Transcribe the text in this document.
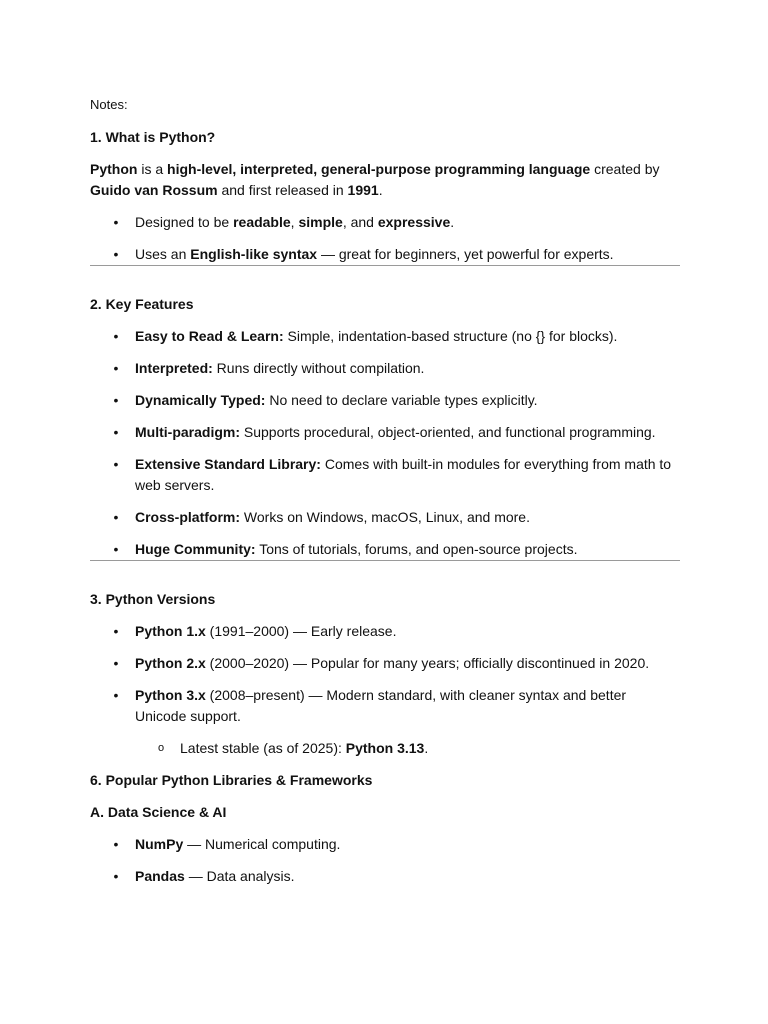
Notes:

1. What is Python?

Python is a high-level, interpreted, general-purpose programming language created by Guido van Rossum and first released in 1991.

• Designed to be readable, simple, and expressive.
• Uses an English-like syntax — great for beginners, yet powerful for experts.

2. Key Features

• Easy to Read & Learn: Simple, indentation-based structure (no {} for blocks).
• Interpreted: Runs directly without compilation.
• Dynamically Typed: No need to declare variable types explicitly.
• Multi-paradigm: Supports procedural, object-oriented, and functional programming.
• Extensive Standard Library: Comes with built-in modules for everything from math to web servers.
• Cross-platform: Works on Windows, macOS, Linux, and more.
• Huge Community: Tons of tutorials, forums, and open-source projects.

3. Python Versions

• Python 1.x (1991–2000) — Early release.
• Python 2.x (2000–2020) — Popular for many years; officially discontinued in 2020.
• Python 3.x (2008–present) — Modern standard, with cleaner syntax and better Unicode support.
o Latest stable (as of 2025): Python 3.13.

6. Popular Python Libraries & Frameworks

A. Data Science & AI

• NumPy — Numerical computing.
• Pandas — Data analysis.
